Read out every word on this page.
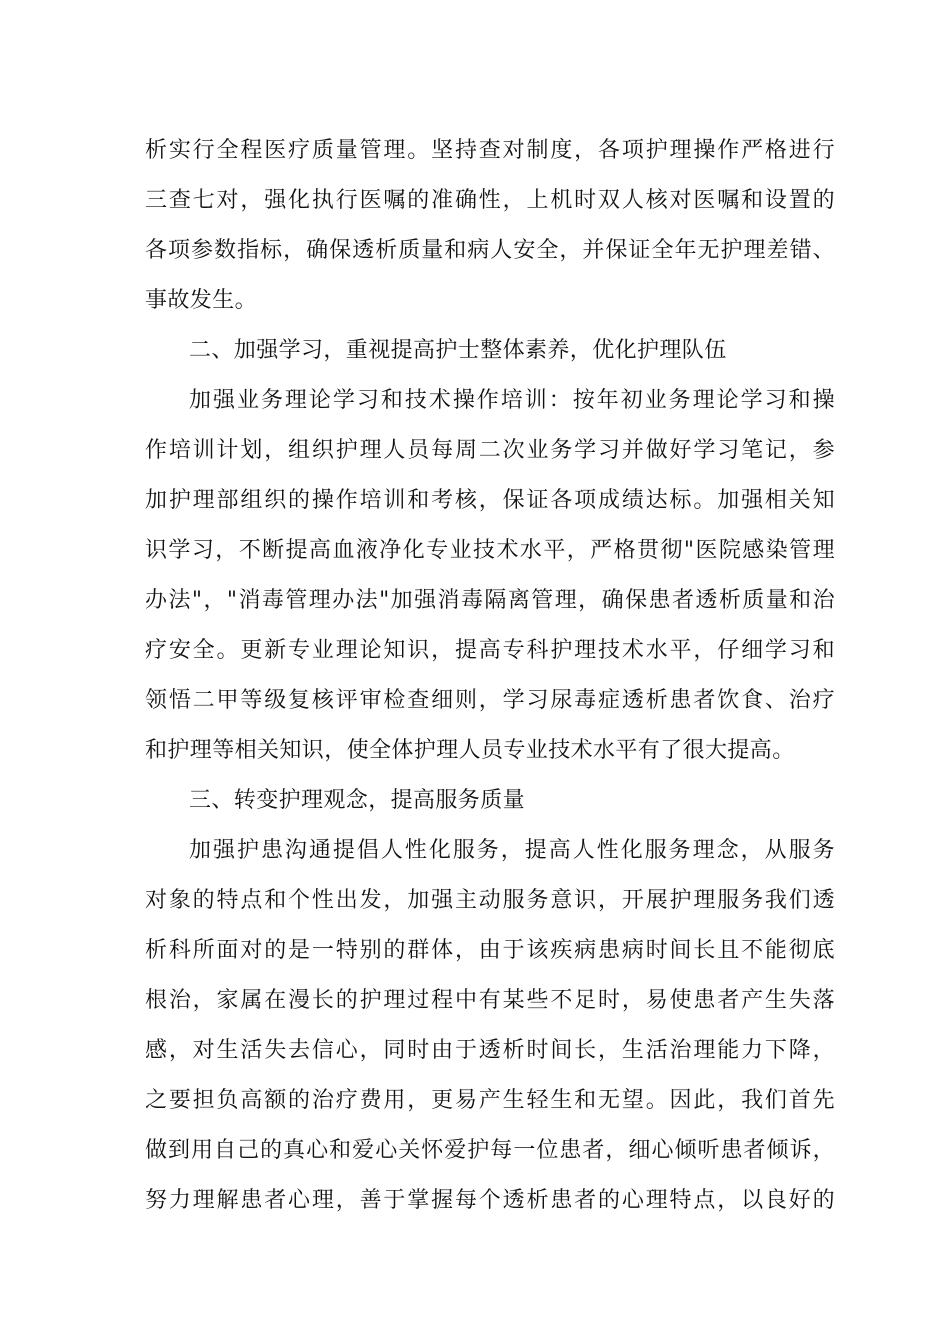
析实行全程医疗质量管理。坚持查对制度，各项护理操作严格进行
三查七对，强化执行医嘱的准确性，上机时双人核对医嘱和设置的
各项参数指标，确保透析质量和病人安全，并保证全年无护理差错、
事故发生。
二、加强学习，重视提高护士整体素养，优化护理队伍
加强业务理论学习和技术操作培训：按年初业务理论学习和操
作培训计划，组织护理人员每周二次业务学习并做好学习笔记，参
加护理部组织的操作培训和考核，保证各项成绩达标。加强相关知
识学习，不断提高血液净化专业技术水平，严格贯彻"医院感染管理
办法"，"消毒管理办法"加强消毒隔离管理，确保患者透析质量和治
疗安全。更新专业理论知识，提高专科护理技术水平，仔细学习和
领悟二甲等级复核评审检查细则，学习尿毒症透析患者饮食、治疗
和护理等相关知识，使全体护理人员专业技术水平有了很大提高。
三、转变护理观念，提高服务质量
加强护患沟通提倡人性化服务，提高人性化服务理念，从服务
对象的特点和个性出发，加强主动服务意识，开展护理服务我们透
析科所面对的是一特别的群体，由于该疾病患病时间长且不能彻底
根治，家属在漫长的护理过程中有某些不足时，易使患者产生失落
感，对生活失去信心，同时由于透析时间长，生活治理能力下降，
之要担负高额的治疗费用，更易产生轻生和无望。因此，我们首先
做到用自己的真心和爱心关怀爱护每一位患者，细心倾听患者倾诉，
努力理解患者心理，善于掌握每个透析患者的心理特点，以良好的
